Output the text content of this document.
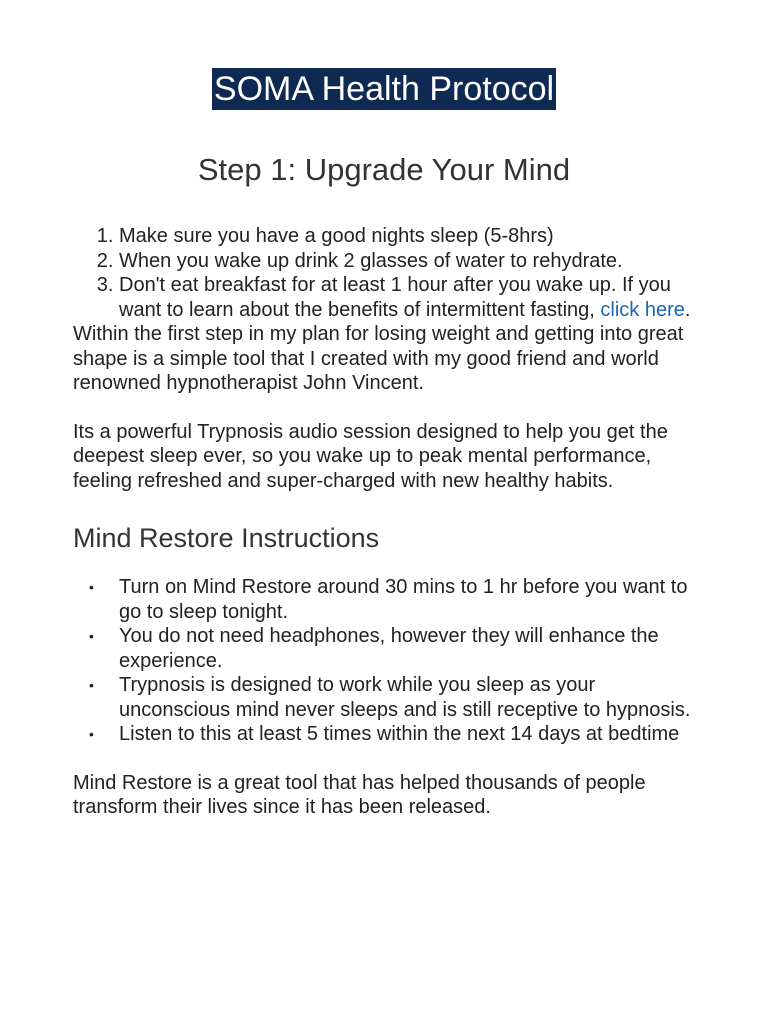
SOMA Health Protocol
Step 1: Upgrade Your Mind
1. Make sure you have a good nights sleep (5-8hrs)
2. When you wake up drink 2 glasses of water to rehydrate.
3. Don't eat breakfast for at least 1 hour after you wake up. If you want to learn about the benefits of intermittent fasting, click here.

Within the first step in my plan for losing weight and getting into great shape is a simple tool that I created with my good friend and world renowned hypnotherapist John Vincent.

Its a powerful Trypnosis audio session designed to help you get the deepest sleep ever, so you wake up to peak mental performance, feeling refreshed and super-charged with new healthy habits.

Mind Restore Instructions
• Turn on Mind Restore around 30 mins to 1 hr before you want to go to sleep tonight.
• You do not need headphones, however they will enhance the experience.
• Trypnosis is designed to work while you sleep as your unconscious mind never sleeps and is still receptive to hypnosis.
• Listen to this at least 5 times within the next 14 days at bedtime

Mind Restore is a great tool that has helped thousands of people transform their lives since it has been released.
